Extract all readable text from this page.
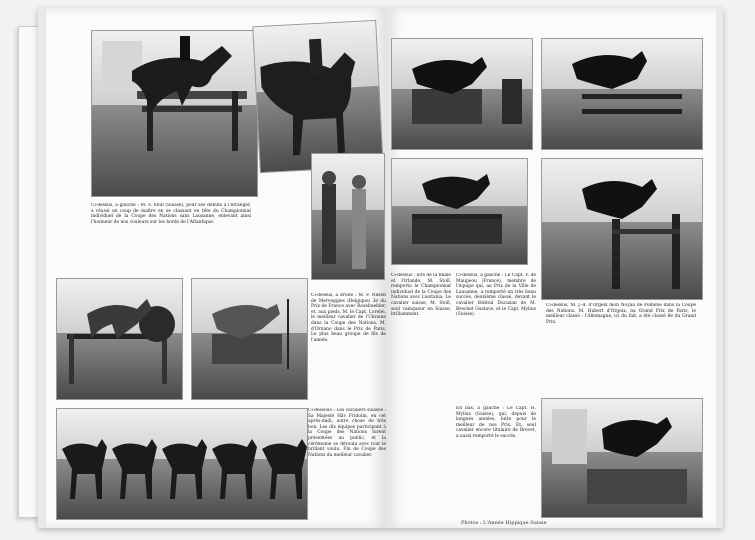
Ci-dessus, à gauche : M. F. Stoll (Suisse), pour ses débuts à l'étranger, a réussi un coup de maître en se classant en tête du Championnat individuel de la Coupe des Nations sans Lausanne, enlevant ainsi l'honneur de nos couleurs sur les bords de l'Atlantique.
Ci-dessus, à droite : M. F. Nilsen de Merveggies (Belgique) 3e du Prix de France avec Rosebuehler, et, aux pieds, M. le Capt. Lorelei, le meilleur cavalier de l'Ukraine dans la Coupe des Nations. M. d'Ornano dans le Prix de Paris. Le plus beau groupe de fils de l'année.
Ci-dessous : Les cavaliers suisses : Sa Majesté Hâv Fridolin, en cet après-midi, autre chose de très bon. Les dix équipes participant à la Coupe des Nations furent présentées au public, et la cérémonie se déroula avec tout le brillant voulu. Fin de Coupe des Nations du meilleur cavalier.
Ci-dessus : lors de la finale et l'Irlande, M. Stoll, remporta le Championnat individuel de la Coupe des Nations avec Lusitania. Le cavalier suisse, M. Stoll, seul vainqueur en Suisse, brillamment.
Ci-dessus, à gauche : Le Capt. F. de Maupeou (France), membre de l'équipe qui, au Prix de la Ville de Lausanne, a remporté un très beau succès, deuxième classé, devant le cavalier fédéral Ducazan de M. Brechet Gustave, et le Capt. Mylius (Suisse).
En bas, à gauche : Le Capt. H. Mylius (Suisse), qui, depuis de longues années, lutte pour le meilleur de nos Prix. Et, seul cavalier encore titulaire de Brevet, a aussi remporté le succès.
Ci-dessus, M. J.-d. d'Orgeix mon Noyau de Pomone dans la Coupe des Nations. M. Hubert d'Orgeix, au Grand Prix de Paris, le meilleur classé : l'Allemagne, ici du fait, a été classé 8e du Grand Prix.
Photos : L'Année Hippique Suisse
